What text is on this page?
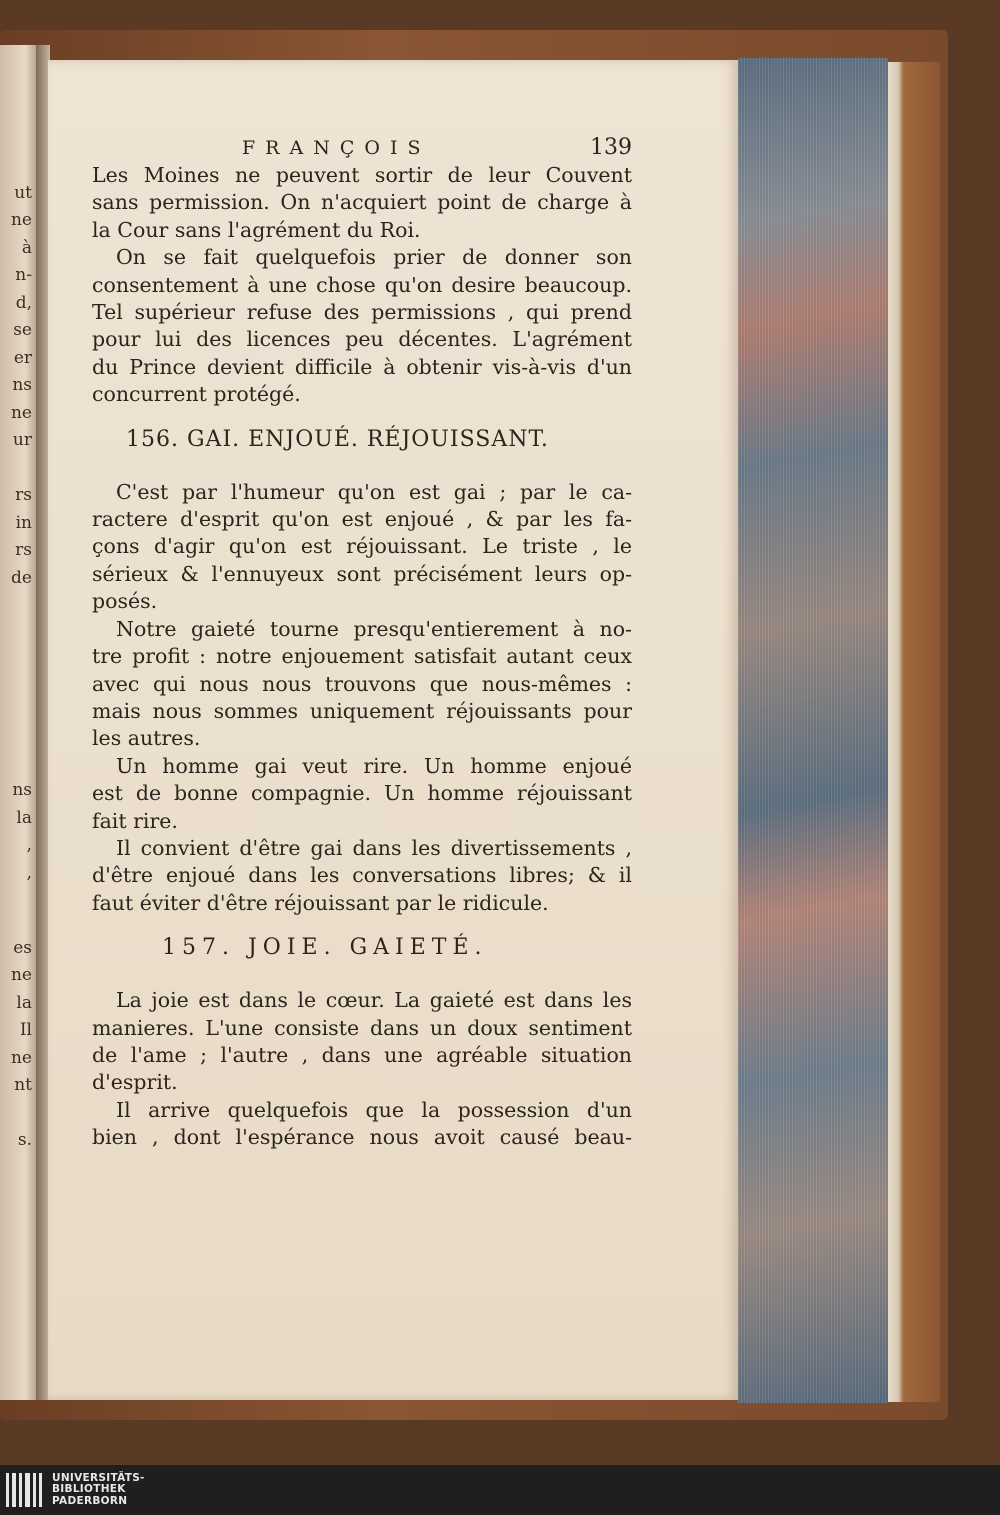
ut
ne
à
n-
d,
se
er
ns
ne
ur
rs
in
rs
de
ns
la
,
,
es
ne
la
Il
ne
nt
s.
FRANÇOIS	139

Les Moines ne peuvent sortir de leur Couvent
sans permission. On n'acquiert point de charge à
la Cour sans l'agrément du Roi.

On se fait quelquefois prier de donner son
consentement à une chose qu'on desire beaucoup.
Tel supérieur refuse des permissions , qui prend
pour lui des licences peu décentes. L'agrément
du Prince devient difficile à obtenir vis-à-vis d'un
concurrent protégé.

156. GAI. ENJOUÉ. RÉJOUISSANT.

C'est par l'humeur qu'on est gai ; par le ca-
ractere d'esprit qu'on est enjoué , & par les fa-
çons d'agir qu'on est réjouissant. Le triste , le
sérieux & l'ennuyeux sont précisément leurs op-
posés.

Notre gaieté tourne presqu'entierement à no-
tre profit : notre enjouement satisfait autant ceux
avec qui nous nous trouvons que nous-mêmes :
mais nous sommes uniquement réjouissants pour
les autres.

Un homme gai veut rire. Un homme enjoué
est de bonne compagnie. Un homme réjouissant
fait rire.

Il convient d'être gai dans les divertissements ,
d'être enjoué dans les conversations libres; & il
faut éviter d'être réjouissant par le ridicule.

157. JOIE. GAIETÉ.

La joie est dans le cœur. La gaieté est dans les
manieres. L'une consiste dans un doux sentiment
de l'ame ; l'autre , dans une agréable situation
d'esprit.

Il arrive quelquefois que la possession d'un
bien , dont l'espérance nous avoit causé beau-

UNIVERSITÄTS-
BIBLIOTHEK
PADERBORN
